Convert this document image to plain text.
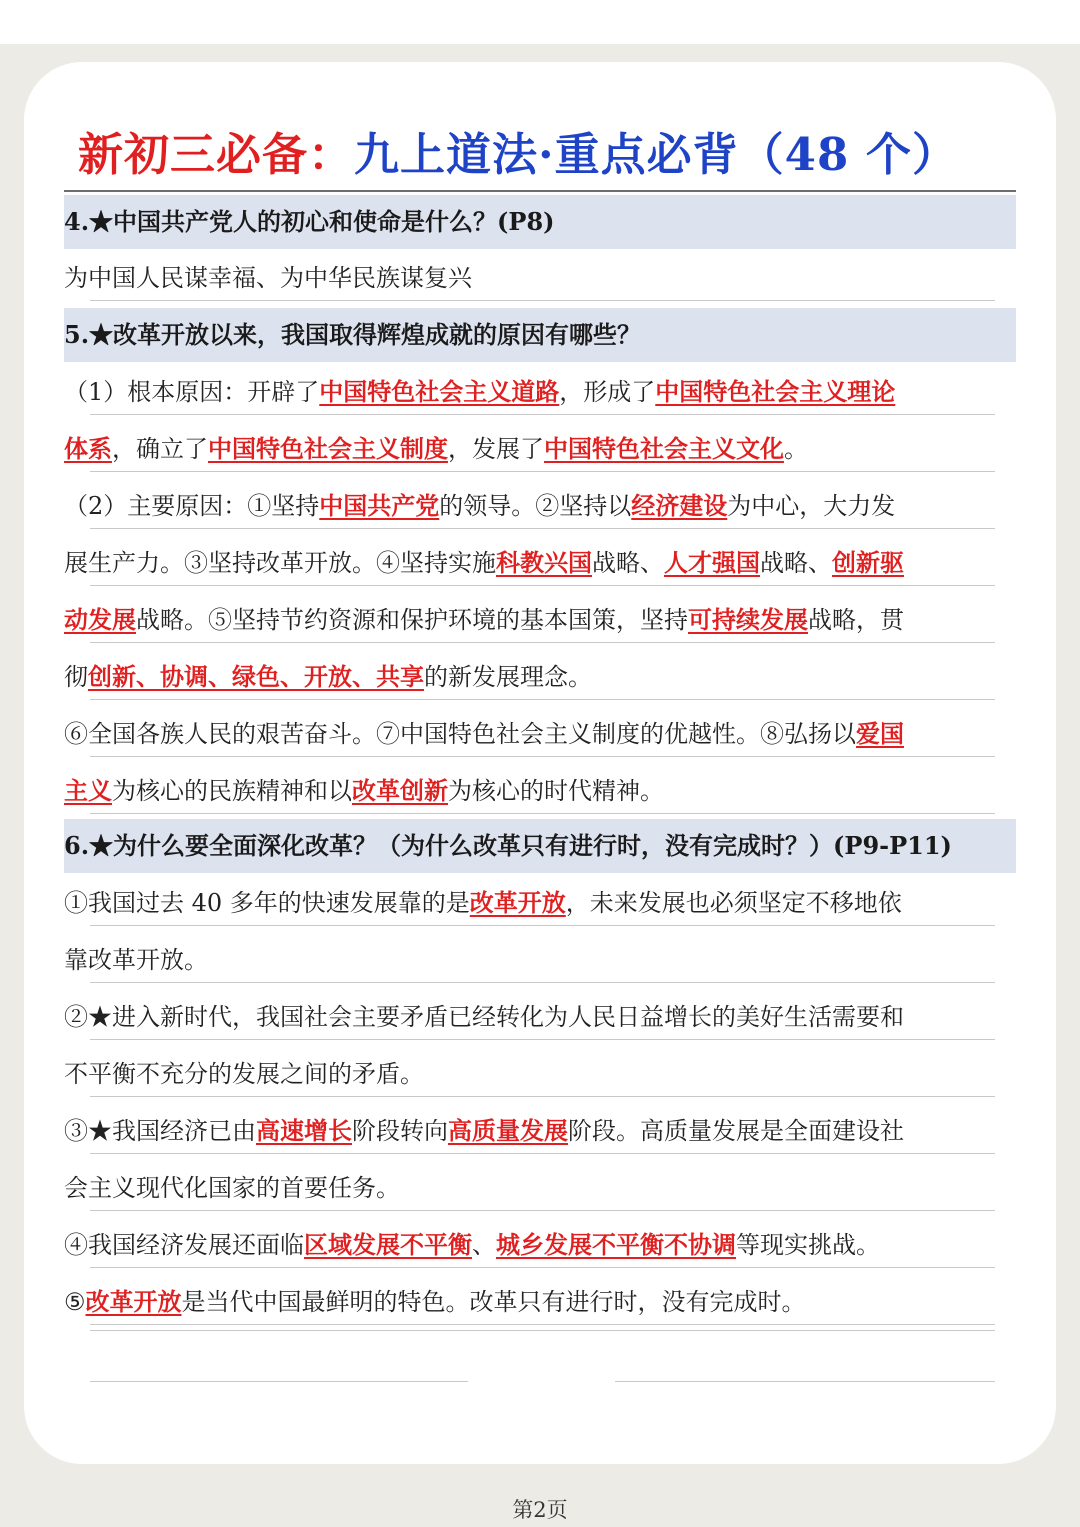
新初三必备：九上道法·重点必背（48 个）
4.★中国共产党人的初心和使命是什么？(P8)
为中国人民谋幸福、为中华民族谋复兴
5.★改革开放以来，我国取得辉煌成就的原因有哪些？
（1）根本原因：开辟了中国特色社会主义道路，形成了中国特色社会主义理论
体系，确立了中国特色社会主义制度，发展了中国特色社会主义文化。
（2）主要原因：①坚持中国共产党的领导。②坚持以经济建设为中心，大力发
展生产力。③坚持改革开放。④坚持实施科教兴国战略、人才强国战略、创新驱
动发展战略。⑤坚持节约资源和保护环境的基本国策，坚持可持续发展战略，贯
彻创新、协调、绿色、开放、共享的新发展理念。
⑥全国各族人民的艰苦奋斗。⑦中国特色社会主义制度的优越性。⑧弘扬以爱国
主义为核心的民族精神和以改革创新为核心的时代精神。
6.★为什么要全面深化改革？（为什么改革只有进行时，没有完成时？）(P9-P11)
①我国过去 40 多年的快速发展靠的是改革开放，未来发展也必须坚定不移地依
靠改革开放。
②★进入新时代，我国社会主要矛盾已经转化为人民日益增长的美好生活需要和
不平衡不充分的发展之间的矛盾。
③★我国经济已由高速增长阶段转向高质量发展阶段。高质量发展是全面建设社
会主义现代化国家的首要任务。
④我国经济发展还面临区域发展不平衡、城乡发展不平衡不协调等现实挑战。
⑤改革开放是当代中国最鲜明的特色。改革只有进行时，没有完成时。
第2页
